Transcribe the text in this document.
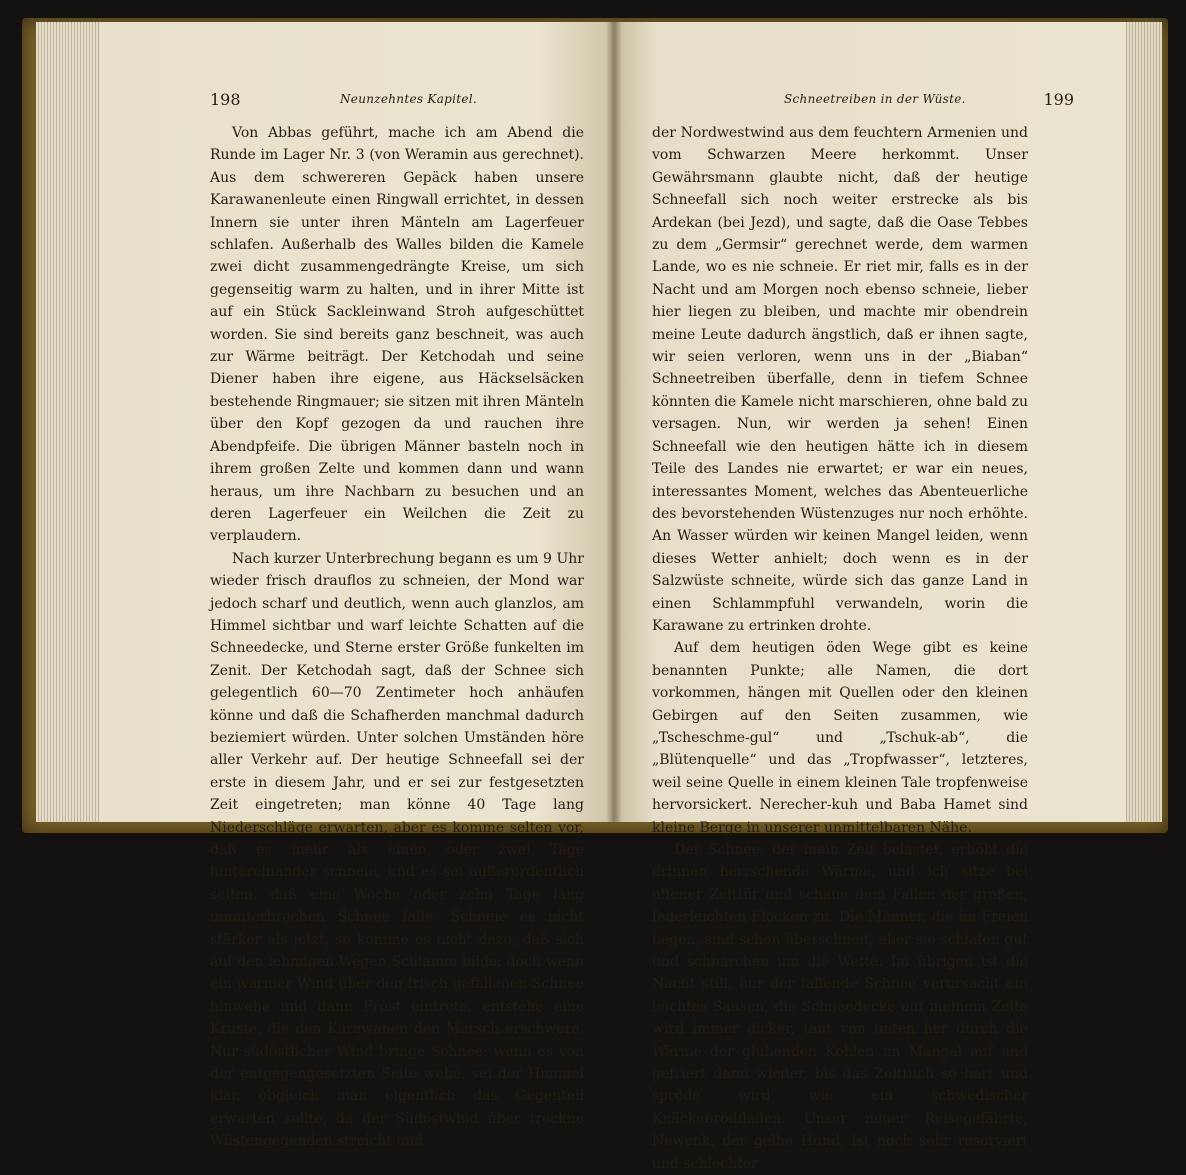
198	Neunzehntes Kapitel.

Von Abbas geführt, mache ich am Abend die Runde im Lager Nr. 3 (von Weramin aus gerechnet). Aus dem schwereren Gepäck haben unsere Karawanenleute einen Ringwall errichtet, in dessen Innern sie unter ihren Mänteln am Lagerfeuer schlafen. Außerhalb des Walles bilden die Kamele zwei dicht zusammengedrängte Kreise, um sich gegenseitig warm zu halten, und in ihrer Mitte ist auf ein Stück Sackleinwand Stroh aufgeschüttet worden. Sie sind bereits ganz beschneit, was auch zur Wärme beiträgt. Der Ketchodah und seine Diener haben ihre eigene, aus Häckselsäcken bestehende Ringmauer; sie sitzen mit ihren Mänteln über den Kopf gezogen da und rauchen ihre Abendpfeife. Die übrigen Männer basteln noch in ihrem großen Zelte und kommen dann und wann heraus, um ihre Nachbarn zu besuchen und an deren Lagerfeuer ein Weilchen die Zeit zu verplaudern.

Nach kurzer Unterbrechung begann es um 9 Uhr wieder frisch drauflos zu schneien, der Mond war jedoch scharf und deutlich, wenn auch glanzlos, am Himmel sichtbar und warf leichte Schatten auf die Schneedecke, und Sterne erster Größe funkelten im Zenit. Der Ketchodah sagt, daß der Schnee sich gelegentlich 60—70 Zentimeter hoch anhäufen könne und daß die Schafherden manchmal dadurch beziemiert würden. Unter solchen Umständen höre aller Verkehr auf. Der heutige Schneefall sei der erste in diesem Jahr, und er sei zur festgesetzten Zeit eingetreten; man könne 40 Tage lang Niederschläge erwarten, aber es komme selten vor, daß es mehr als einen oder zwei Tage hintereinander schneie, und es sei außerordentlich selten, daß eine Woche oder zehn Tage lang ununterbrochen Schnee falle. Schneie es nicht stärker als jetzt, so komme es nicht dazu, daß sich auf den lehmigen Wegen Schlamm bilde; doch wenn ein warmer Wind über den frisch gefallenen Schnee hinwehe und dann Frost eintrete, entstehe eine Kruste, die den Karawanen den Marsch erschwere. Nur südöstlicher Wind bringe Schnee; wenn es von der entgegengesetzten Seite wehe, sei der Himmel klar, obgleich man eigentlich das Gegenteil erwarten sollte, da der Südostwind über trockne Wüstengegenden streicht und

Schneetreiben in der Wüste.	199

der Nordwestwind aus dem feuchtern Armenien und vom Schwarzen Meere herkommt. Unser Gewährsmann glaubte nicht, daß der heutige Schneefall sich noch weiter erstrecke als bis Ardekan (bei Jezd), und sagte, daß die Oase Tebbes zu dem „Germsir“ gerechnet werde, dem warmen Lande, wo es nie schneie. Er riet mir, falls es in der Nacht und am Morgen noch ebenso schneie, lieber hier liegen zu bleiben, und machte mir obendrein meine Leute dadurch ängstlich, daß er ihnen sagte, wir seien verloren, wenn uns in der „Biaban“ Schneetreiben überfalle, denn in tiefem Schnee könnten die Kamele nicht marschieren, ohne bald zu versagen. Nun, wir werden ja sehen! Einen Schneefall wie den heutigen hätte ich in diesem Teile des Landes nie erwartet; er war ein neues, interessantes Moment, welches das Abenteuerliche des bevorstehenden Wüstenzuges nur noch erhöhte. An Wasser würden wir keinen Mangel leiden, wenn dieses Wetter anhielt; doch wenn es in der Salzwüste schneite, würde sich das ganze Land in einen Schlammpfuhl verwandeln, worin die Karawane zu ertrinken drohte.

Auf dem heutigen öden Wege gibt es keine benannten Punkte; alle Namen, die dort vorkommen, hängen mit Quellen oder den kleinen Gebirgen auf den Seiten zusammen, wie „Tscheschme-gul“ und „Tschuk-ab“, die „Blütenquelle“ und das „Tropfwasser“, letzteres, weil seine Quelle in einem kleinen Tale tropfenweise hervorsickert. Nerecher-kuh und Baba Hamet sind kleine Berge in unserer unmittelbaren Nähe.

Der Schnee, der mein Zelt belastet, erhöht die drinnen herrschende Wärme, und ich sitze bei offener Zelttür und schaue dem Fallen der großen, federleichten Flocken zu. Die Männer, die im Freien liegen, sind schon überschneit, aber sie schlafen gut und schnarchen um die Wette. Im übrigen ist die Nacht still, nur der fallende Schnee verursacht ein leichtes Sausen, die Schneedecke auf meinem Zelte wird immer dicker, taut von unten her durch die Wärme der glühenden Kohlen im Mangal auf und gefriert dann wieder, bis das Zelttuch so hart und spröde wird wie ein schwedischer Knäckebrödfladen. Unser neuer Reisegefährte, Newenk, der gelbe Hund, ist noch sehr reserviert und schlechter
